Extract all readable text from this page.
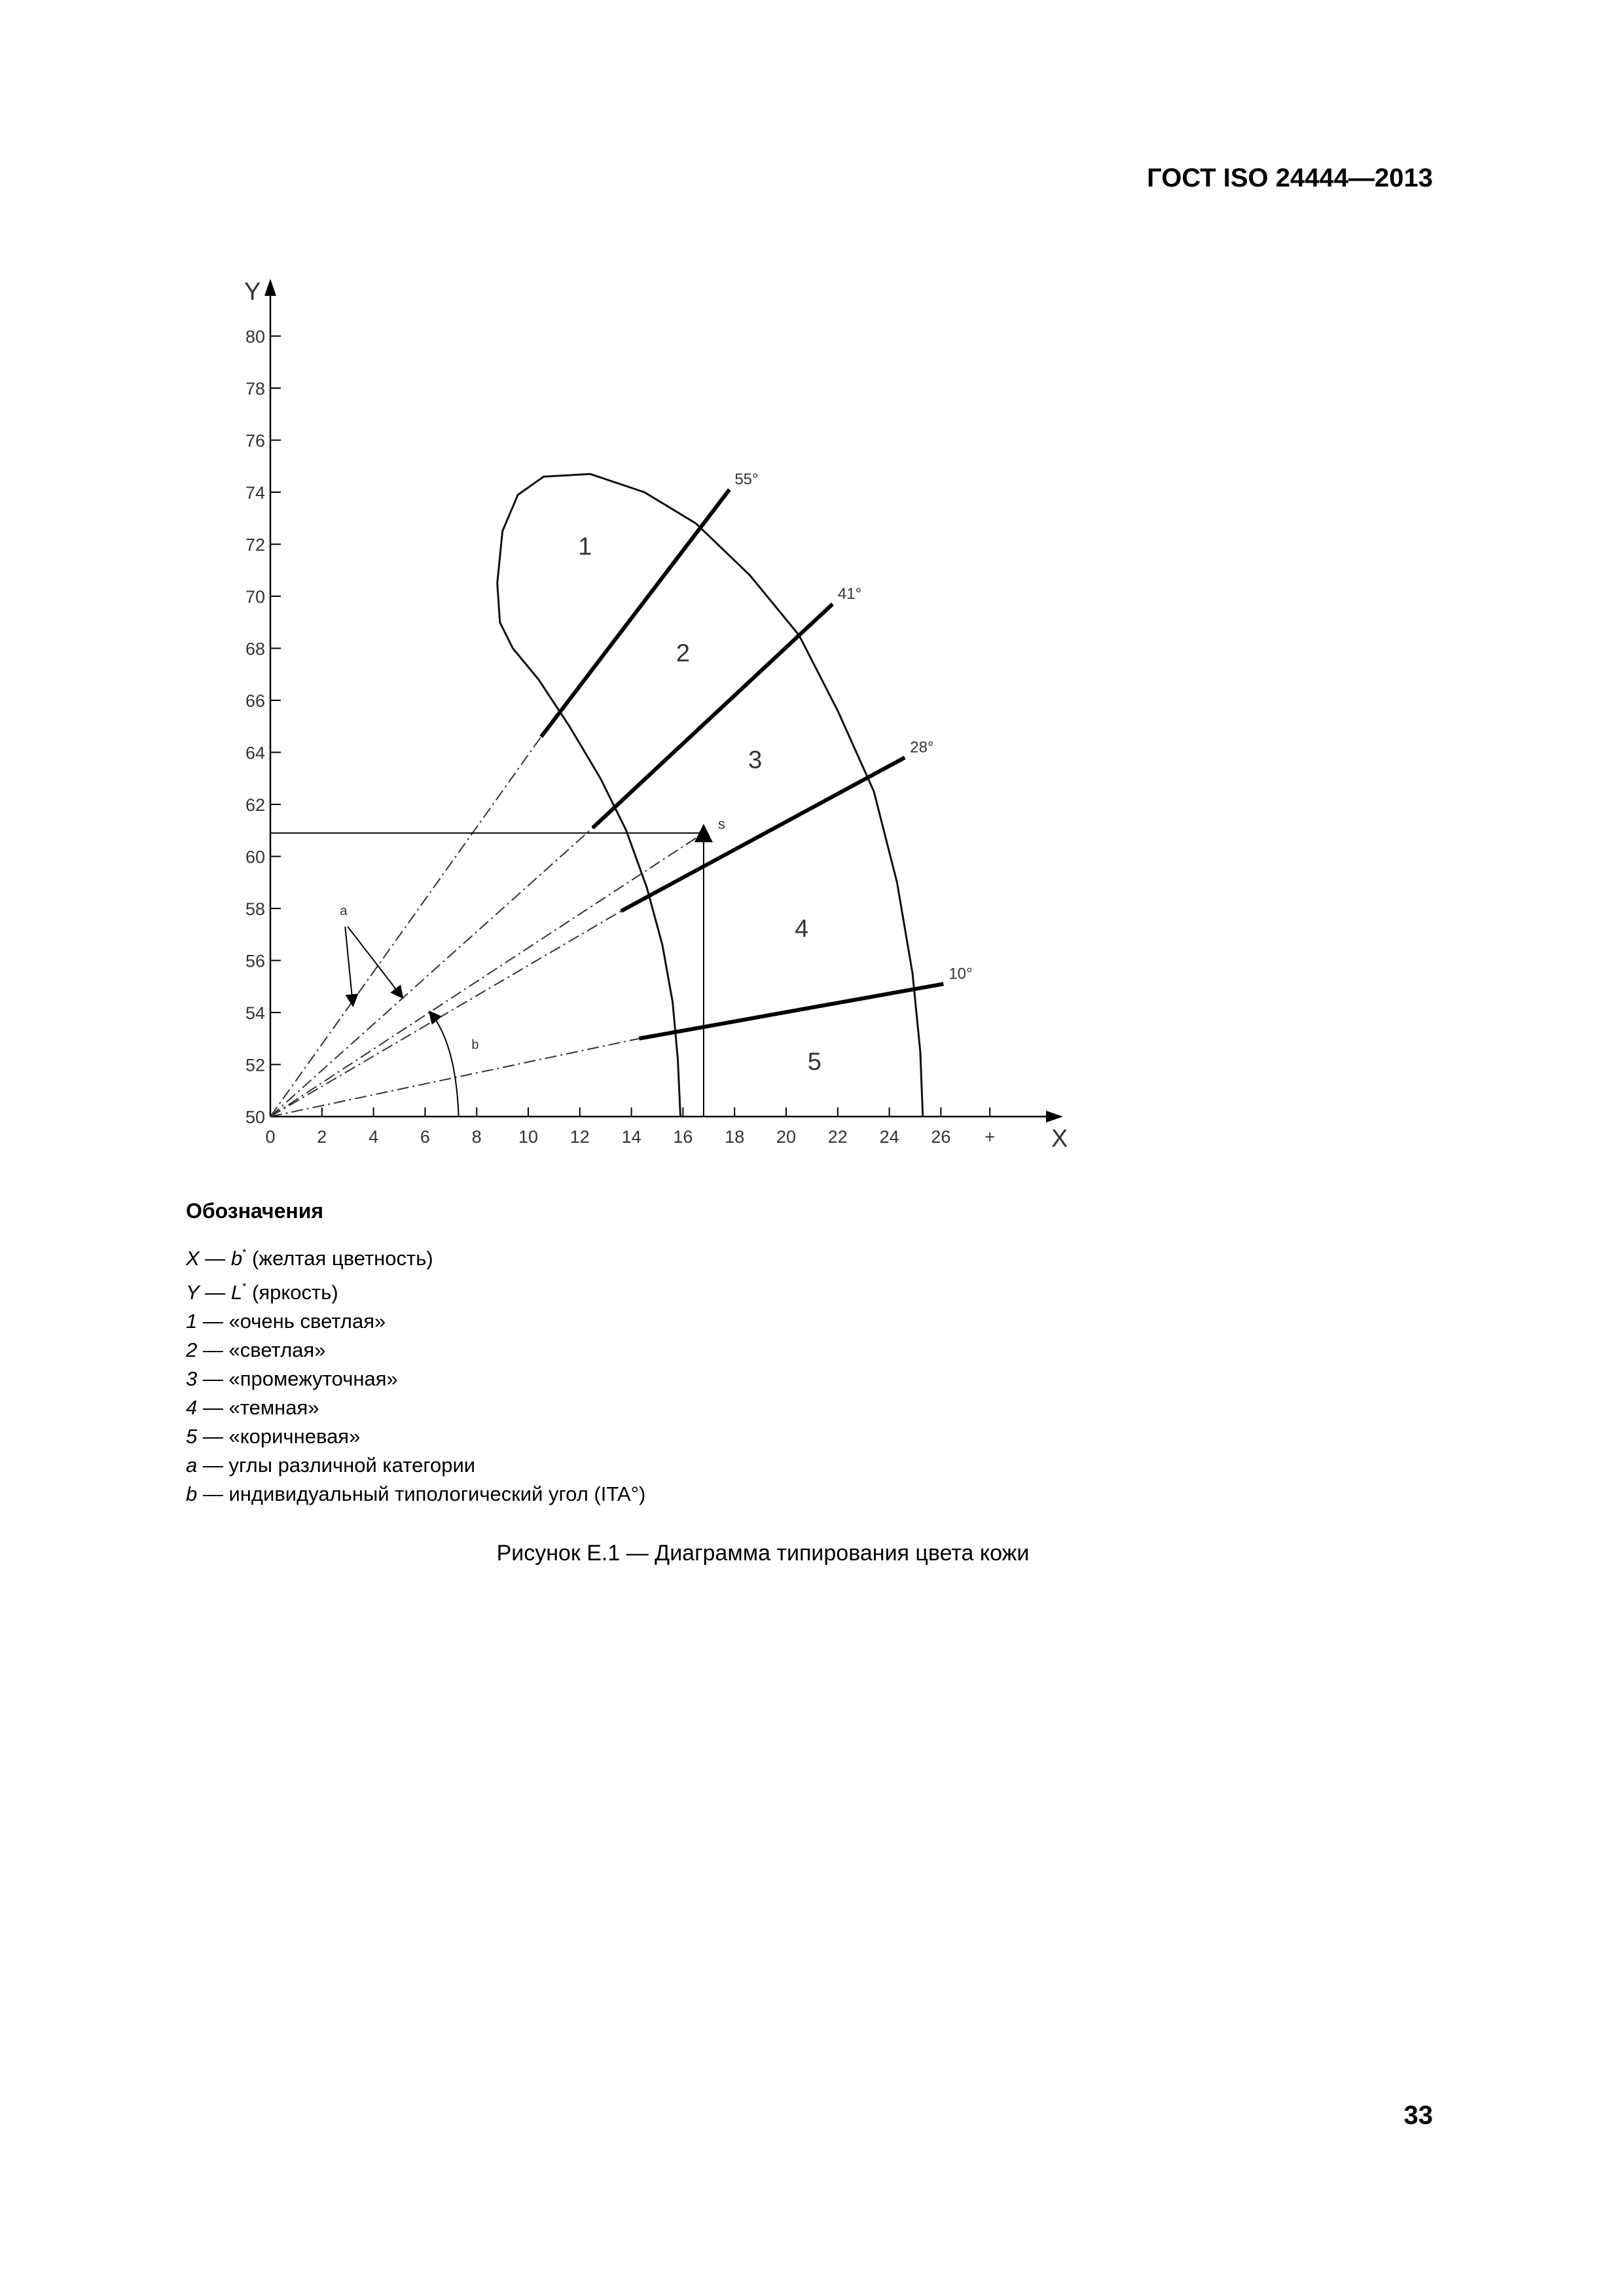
ГОСТ ISO 24444—2013
50
52
54
56
58
60
62
64
66
68
70
72
74
76
78
80
0 2 4 6 8 10 12 14 16 18 20 22 24 26 +
Y
X
55°
41°
28°
10°
s
1
2
3
4
5
a
b
Обозначения
X — b* (желтая цветность)
Y — L* (яркость)
1 — «очень светлая»
2 — «светлая»
3 — «промежуточная»
4 — «темная»
5 — «коричневая»
a — углы различной категории
b — индивидуальный типологический угол (ITA°)
Рисунок Е.1 — Диаграмма типирования цвета кожи
33
